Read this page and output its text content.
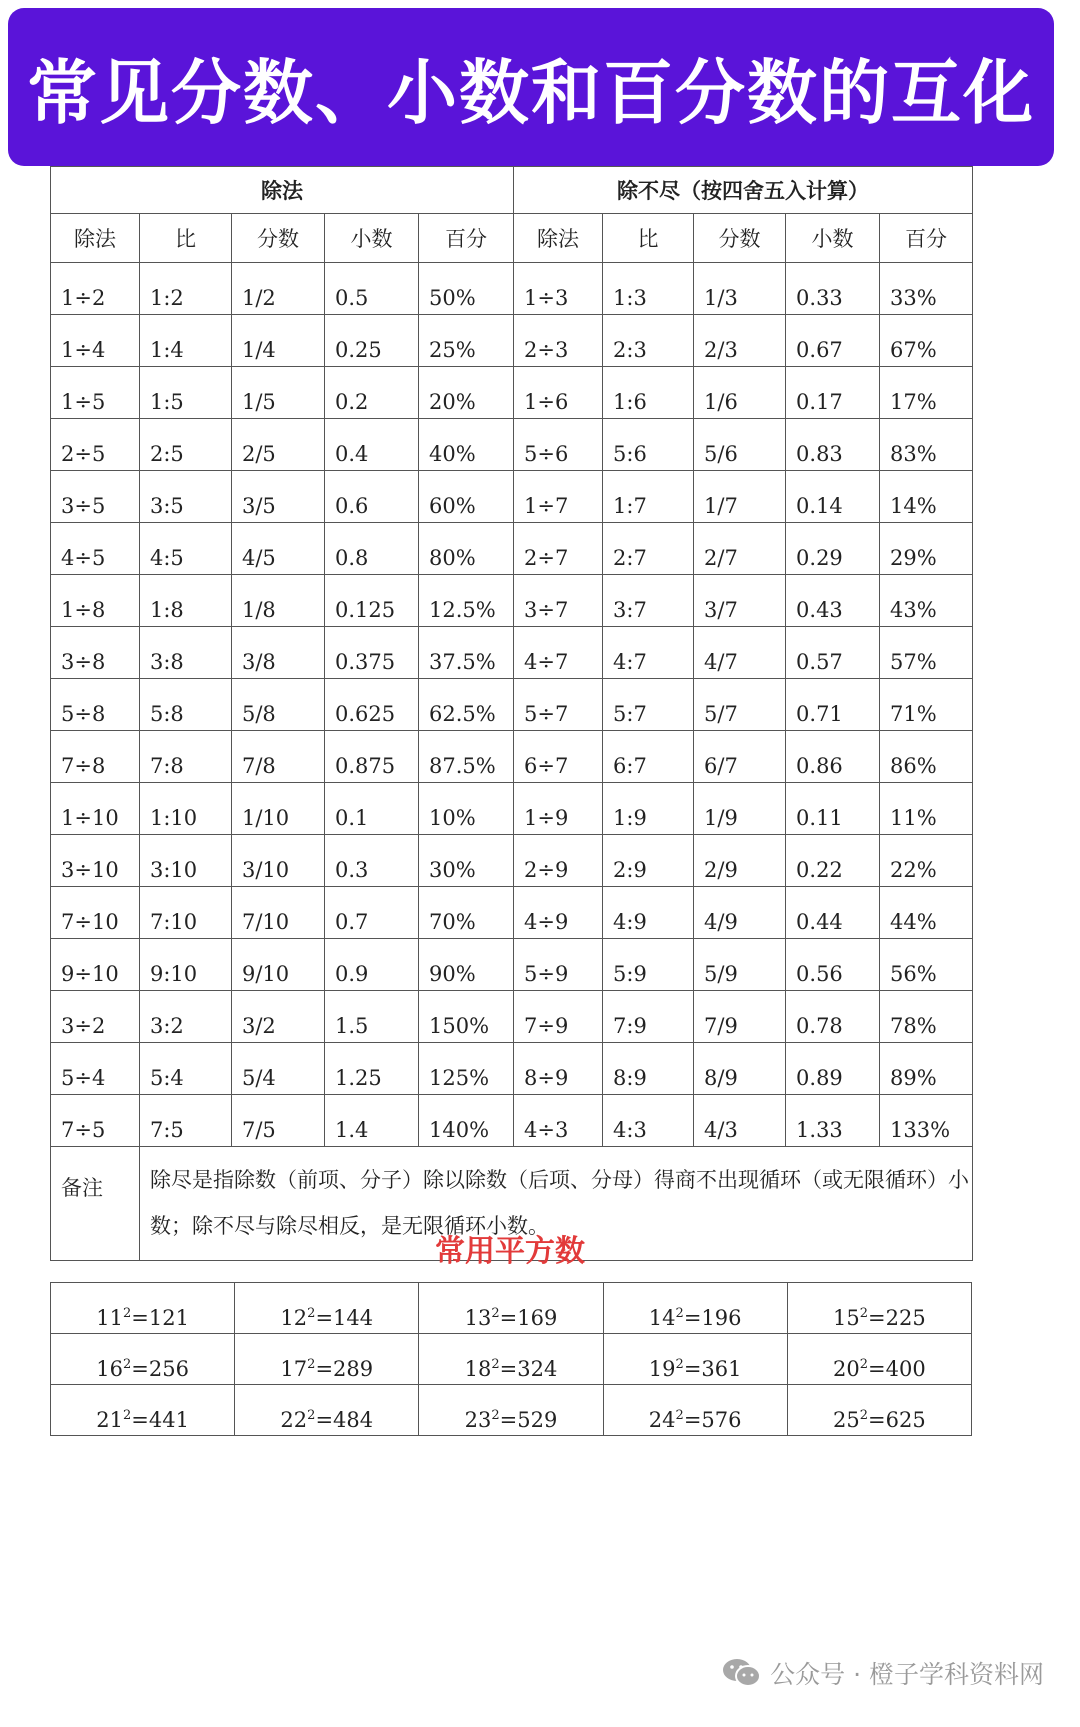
常见分数、小数和百分数的互化
除法					除不尽（按四舍五入计算）				
除法	比	分数	小数	百分	除法	比	分数	小数	百分
1÷2	1:2	1/2	0.5	50%	1÷3	1:3	1/3	0.33	33%
1÷4	1:4	1/4	0.25	25%	2÷3	2:3	2/3	0.67	67%
1÷5	1:5	1/5	0.2	20%	1÷6	1:6	1/6	0.17	17%
2÷5	2:5	2/5	0.4	40%	5÷6	5:6	5/6	0.83	83%
3÷5	3:5	3/5	0.6	60%	1÷7	1:7	1/7	0.14	14%
4÷5	4:5	4/5	0.8	80%	2÷7	2:7	2/7	0.29	29%
1÷8	1:8	1/8	0.125	12.5%	3÷7	3:7	3/7	0.43	43%
3÷8	3:8	3/8	0.375	37.5%	4÷7	4:7	4/7	0.57	57%
5÷8	5:8	5/8	0.625	62.5%	5÷7	5:7	5/7	0.71	71%
7÷8	7:8	7/8	0.875	87.5%	6÷7	6:7	6/7	0.86	86%
1÷10	1:10	1/10	0.1	10%	1÷9	1:9	1/9	0.11	11%
3÷10	3:10	3/10	0.3	30%	2÷9	2:9	2/9	0.22	22%
7÷10	7:10	7/10	0.7	70%	4÷9	4:9	4/9	0.44	44%
9÷10	9:10	9/10	0.9	90%	5÷9	5:9	5/9	0.56	56%
3÷2	3:2	3/2	1.5	150%	7÷9	7:9	7/9	0.78	78%
5÷4	5:4	5/4	1.25	125%	8÷9	8:9	8/9	0.89	89%
7÷5	7:5	7/5	1.4	140%	4÷3	4:3	4/3	1.33	133%
备注	除尽是指除数（前项、分子）除以除数（后项、分母）得商不出现循环（或无限循环）小数；除不尽与除尽相反，是无限循环小数。								
常用平方数
$11^2=121$	$12^2=144$	$13^2=169$	$14^2=196$	$15^2=225$
$16^2=256$	$17^2=289$	$18^2=324$	$19^2=361$	$20^2=400$
$21^2=441$	$22^2=484$	$23^2=529$	$24^2=576$	$25^2=625$
公众号 · 橙子学科资料网
